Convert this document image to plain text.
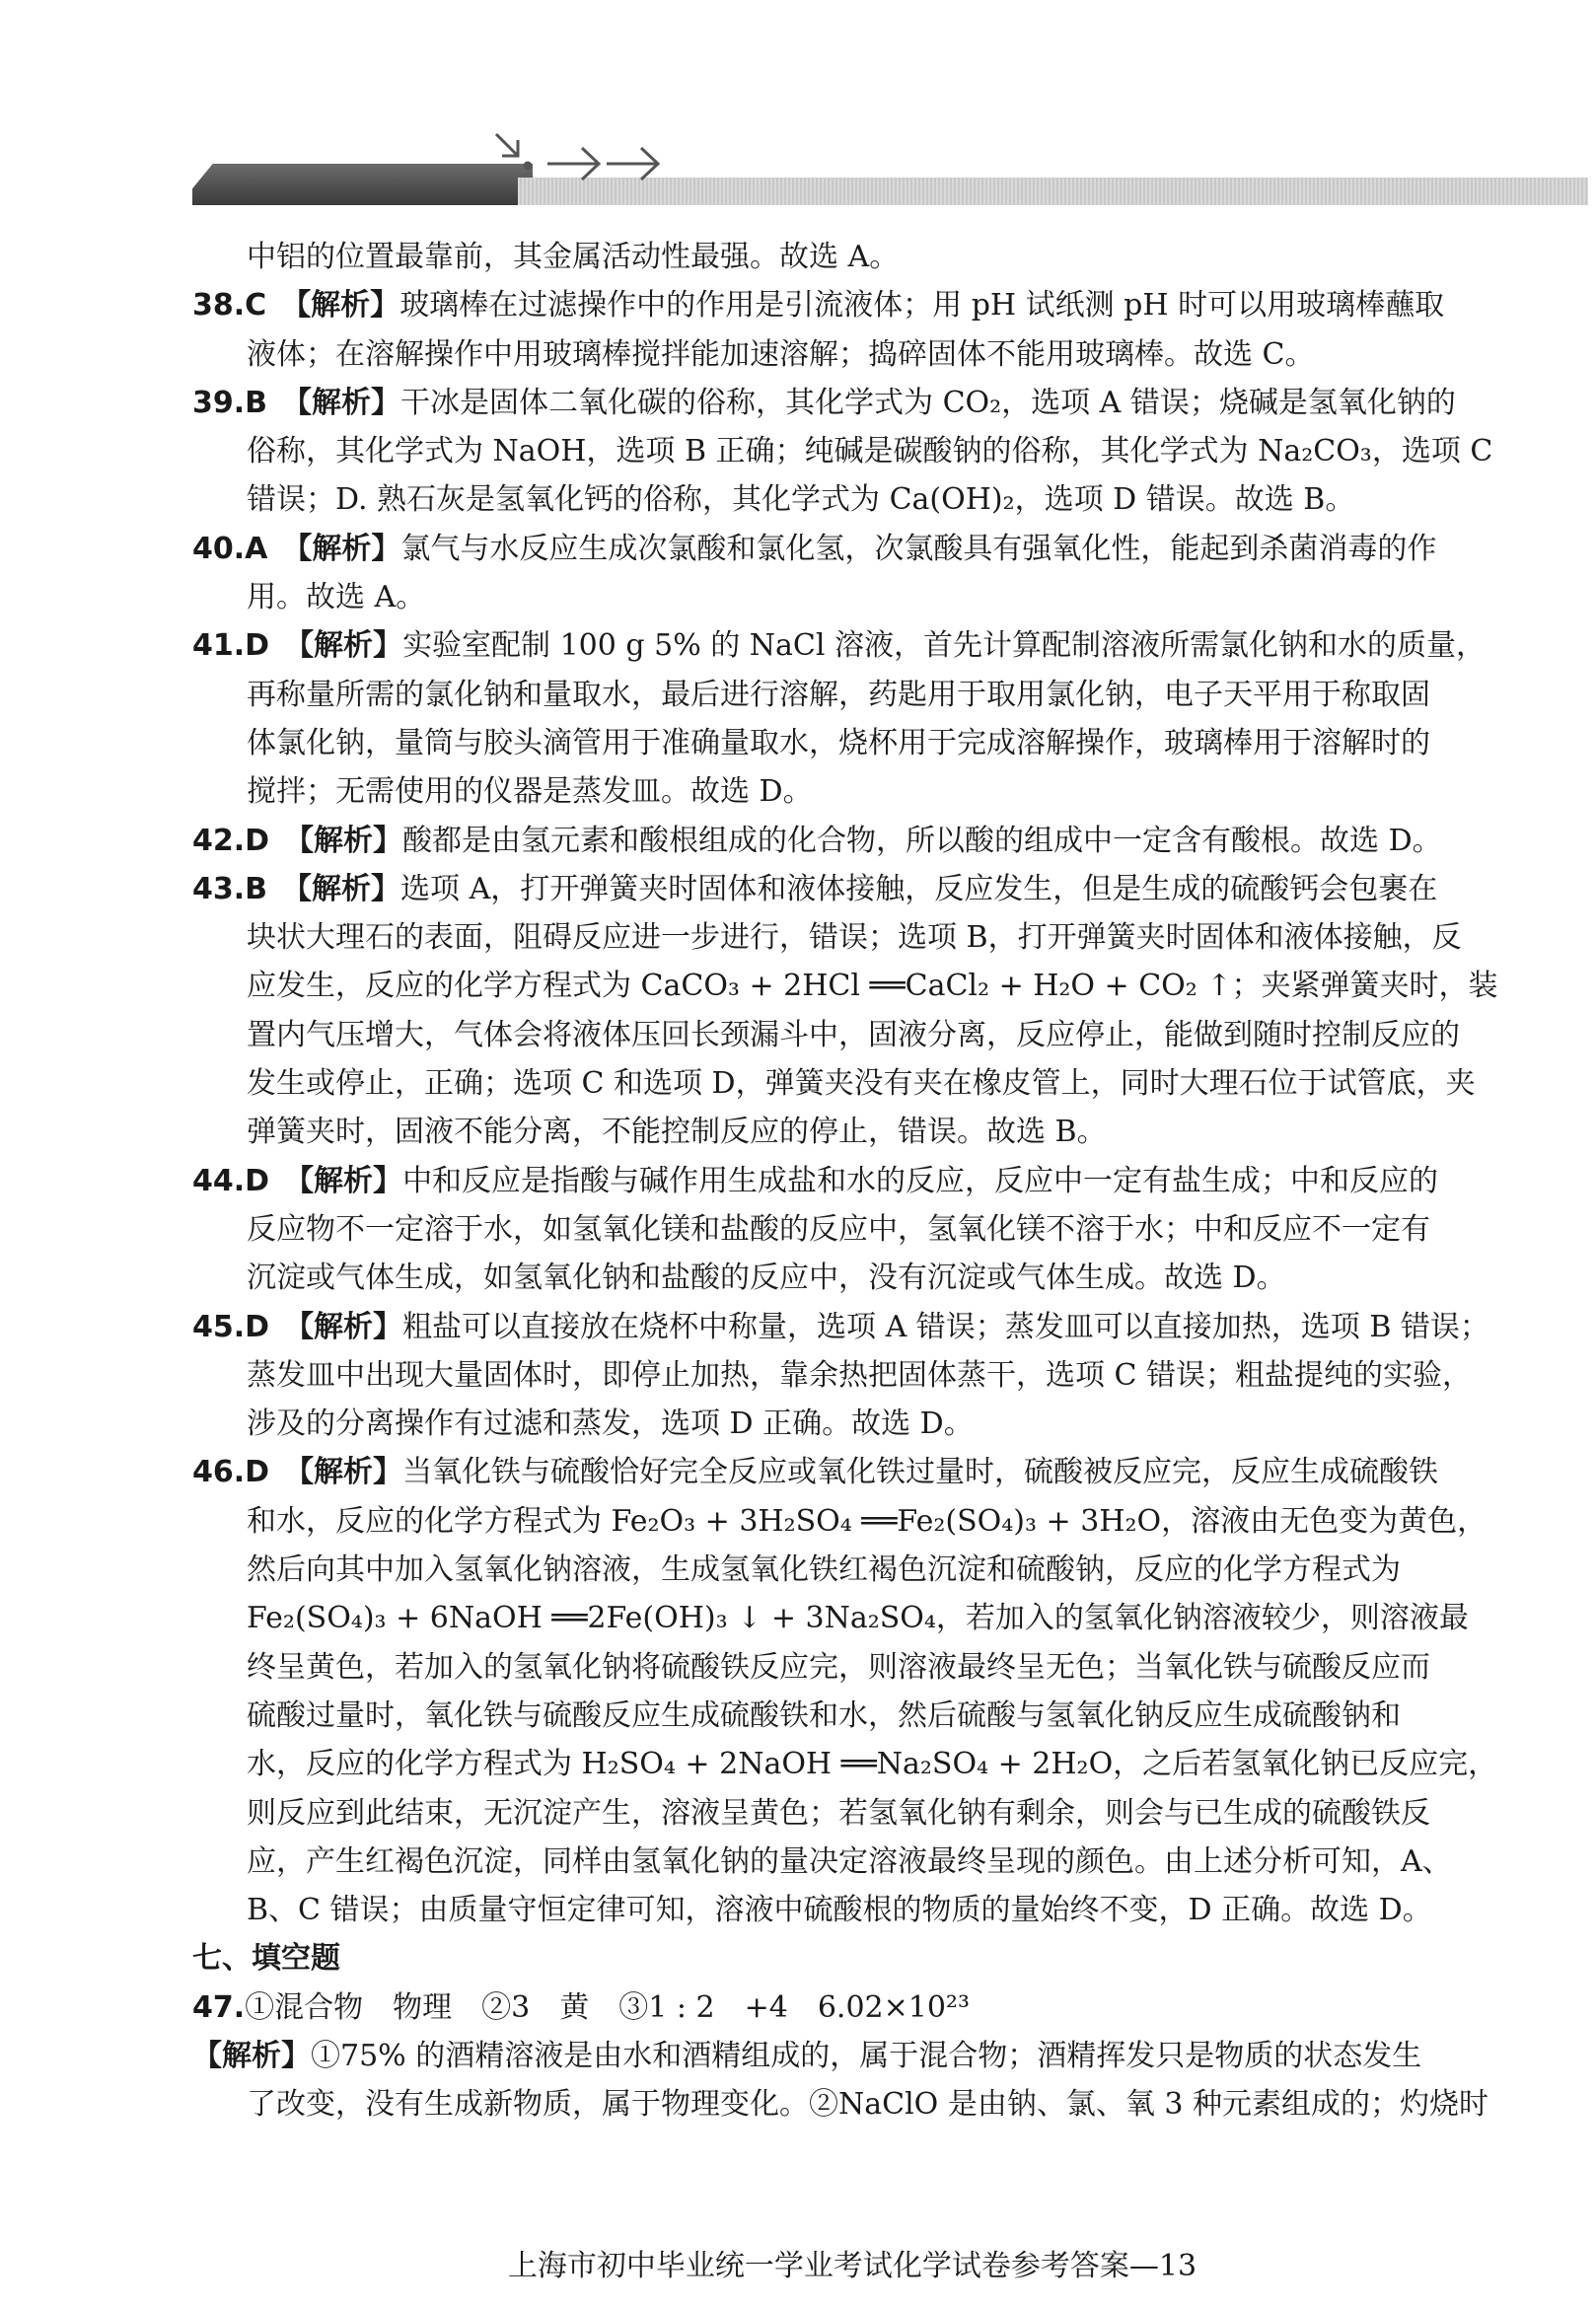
中铝的位置最靠前，其金属活动性最强。故选 A。
38.C　 【解析】玻璃棒在过滤操作中的作用是引流液体；用 pH 试纸测 pH 时可以用玻璃棒蘸取
液体；在溶解操作中用玻璃棒搅拌能加速溶解；捣碎固体不能用玻璃棒。故选 C。
39.B　 【解析】干冰是固体二氧化碳的俗称，其化学式为 CO₂，选项 A 错误；烧碱是氢氧化钠的
俗称，其化学式为 NaOH，选项 B 正确；纯碱是碳酸钠的俗称，其化学式为 Na₂CO₃，选项 C
错误；D. 熟石灰是氢氧化钙的俗称，其化学式为 Ca(OH)₂，选项 D 错误。故选 B。
40.A　 【解析】氯气与水反应生成次氯酸和氯化氢，次氯酸具有强氧化性，能起到杀菌消毒的作
用。故选 A。
41.D　 【解析】实验室配制 100 g 5% 的 NaCl 溶液，首先计算配制溶液所需氯化钠和水的质量，
再称量所需的氯化钠和量取水，最后进行溶解，药匙用于取用氯化钠，电子天平用于称取固
体氯化钠，量筒与胶头滴管用于准确量取水，烧杯用于完成溶解操作，玻璃棒用于溶解时的
搅拌；无需使用的仪器是蒸发皿。故选 D。
42.D　 【解析】酸都是由氢元素和酸根组成的化合物，所以酸的组成中一定含有酸根。故选 D。
43.B　 【解析】选项 A，打开弹簧夹时固体和液体接触，反应发生，但是生成的硫酸钙会包裹在
块状大理石的表面，阻碍反应进一步进行，错误；选项 B，打开弹簧夹时固体和液体接触，反
应发生，反应的化学方程式为 CaCO₃ + 2HCl ══CaCl₂ + H₂O + CO₂ ↑；夹紧弹簧夹时，装
置内气压增大，气体会将液体压回长颈漏斗中，固液分离，反应停止，能做到随时控制反应的
发生或停止，正确；选项 C 和选项 D，弹簧夹没有夹在橡皮管上，同时大理石位于试管底，夹
弹簧夹时，固液不能分离，不能控制反应的停止，错误。故选 B。
44.D　 【解析】中和反应是指酸与碱作用生成盐和水的反应，反应中一定有盐生成；中和反应的
反应物不一定溶于水，如氢氧化镁和盐酸的反应中，氢氧化镁不溶于水；中和反应不一定有
沉淀或气体生成，如氢氧化钠和盐酸的反应中，没有沉淀或气体生成。故选 D。
45.D　 【解析】粗盐可以直接放在烧杯中称量，选项 A 错误；蒸发皿可以直接加热，选项 B 错误；
蒸发皿中出现大量固体时，即停止加热，靠余热把固体蒸干，选项 C 错误；粗盐提纯的实验，
涉及的分离操作有过滤和蒸发，选项 D 正确。故选 D。
46.D　 【解析】当氧化铁与硫酸恰好完全反应或氧化铁过量时，硫酸被反应完，反应生成硫酸铁
和水，反应的化学方程式为 Fe₂O₃ + 3H₂SO₄ ══Fe₂(SO₄)₃ + 3H₂O，溶液由无色变为黄色，
然后向其中加入氢氧化钠溶液，生成氢氧化铁红褐色沉淀和硫酸钠，反应的化学方程式为
Fe₂(SO₄)₃ + 6NaOH ══2Fe(OH)₃ ↓ + 3Na₂SO₄，若加入的氢氧化钠溶液较少，则溶液最
终呈黄色，若加入的氢氧化钠将硫酸铁反应完，则溶液最终呈无色；当氧化铁与硫酸反应而
硫酸过量时，氧化铁与硫酸反应生成硫酸铁和水，然后硫酸与氢氧化钠反应生成硫酸钠和
水，反应的化学方程式为 H₂SO₄ + 2NaOH ══Na₂SO₄ + 2H₂O，之后若氢氧化钠已反应完，
则反应到此结束，无沉淀产生，溶液呈黄色；若氢氧化钠有剩余，则会与已生成的硫酸铁反
应，产生红褐色沉淀，同样由氢氧化钠的量决定溶液最终呈现的颜色。由上述分析可知，A、
B、C 错误；由质量守恒定律可知，溶液中硫酸根的物质的量始终不变，D 正确。故选 D。
七、填空题
47.①混合物　物理　②3　黄　③1 : 2　+4　6.02×10²³
【解析】①75% 的酒精溶液是由水和酒精组成的，属于混合物；酒精挥发只是物质的状态发生
了改变，没有生成新物质，属于物理变化。②NaClO 是由钠、氯、氧 3 种元素组成的；灼烧时
上海市初中毕业统一学业考试化学试卷参考答案—13
